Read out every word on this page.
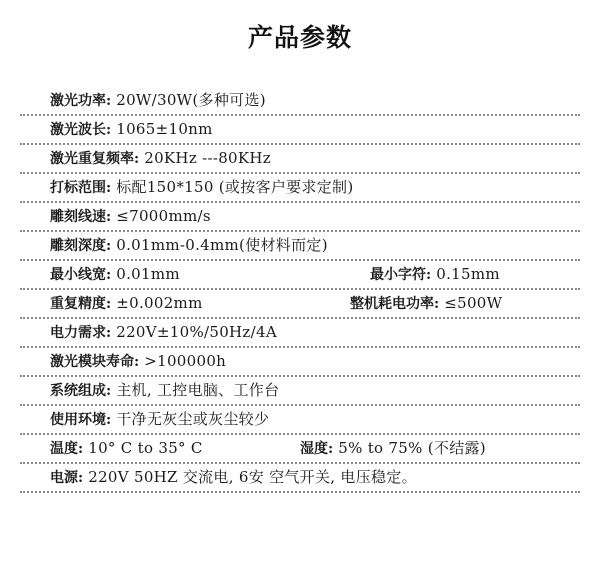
产品参数
激光功率: 20W/30W(多种可选)
激光波长: 1065±10nm
激光重复频率: 20KHz ---80KHz
打标范围: 标配150*150 (或按客户要求定制)
雕刻线速: ≤7000mm/s
雕刻深度: 0.01mm-0.4mm(使材料而定)
最小线宽: 0.01mm	最小字符: 0.15mm
重复精度: ±0.002mm	整机耗电功率: ≤500W
电力需求: 220V±10%/50Hz/4A
激光模块寿命: >100000h
系统组成: 主机, 工控电脑、工作台
使用环境: 干净无灰尘或灰尘较少
温度: 10° C to 35° C	湿度: 5% to 75% (不结露)
电源: 220V 50HZ 交流电, 6安 空气开关, 电压稳定。
